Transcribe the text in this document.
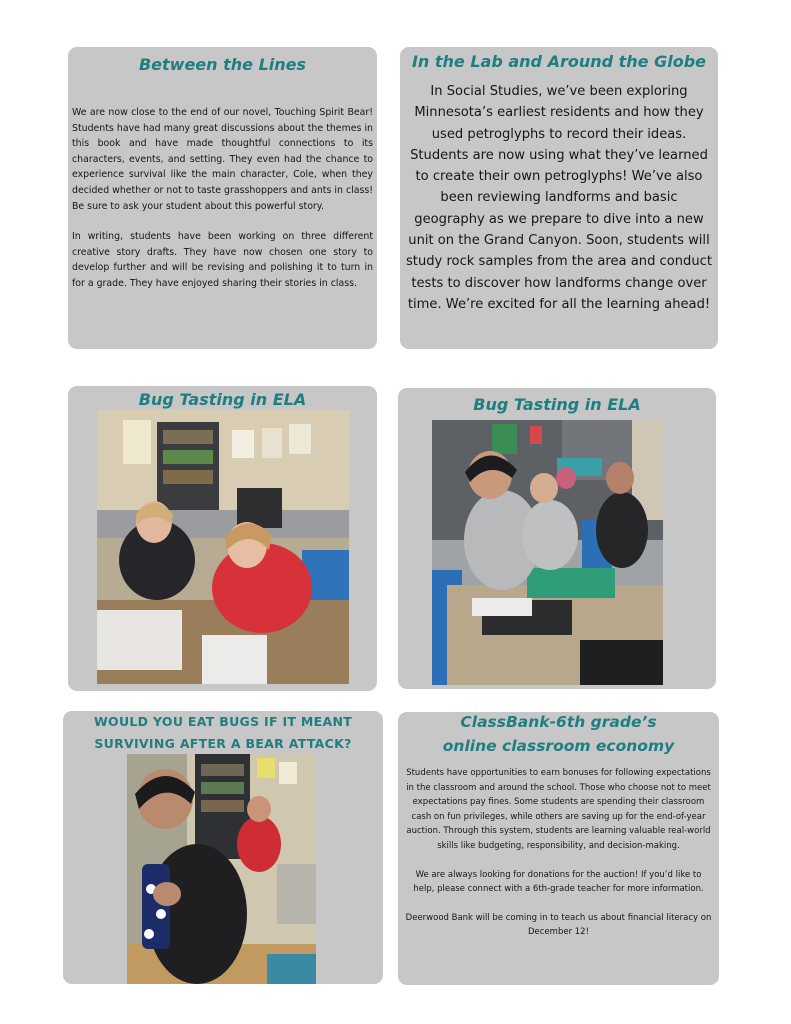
Between the Lines

We are now close to the end of our novel, Touching Spirit Bear! Students have had many great discussions about the themes in this book and have made thoughtful connections to its characters, events, and setting. They even had the chance to experience survival like the main character, Cole, when they decided whether or not to taste grasshoppers and ants in class! Be sure to ask your student about this powerful story.

In writing, students have been working on three different creative story drafts. They have now chosen one story to develop further and will be revising and polishing it to turn in for a grade. They have enjoyed sharing their stories in class.

In the Lab and Around the Globe

In Social Studies, we’ve been exploring Minnesota’s earliest residents and how they used petroglyphs to record their ideas. Students are now using what they’ve learned to create their own petroglyphs! We’ve also been reviewing landforms and basic geography as we prepare to dive into a new unit on the Grand Canyon. Soon, students will study rock samples from the area and conduct tests to discover how landforms change over time. We’re excited for all the learning ahead!

Bug Tasting in ELA	Bug Tasting in ELA
WOULD YOU EAT BUGS IF IT MEANT SURVIVING AFTER A BEAR ATTACK?
ClassBank-6th grade’s online classroom economy

Students have opportunities to earn bonuses for following expectations in the classroom and around the school. Those who choose not to meet expectations pay fines. Some students are spending their classroom cash on fun privileges, while others are saving up for the end-of-year auction. Through this system, students are learning valuable real-world skills like budgeting, responsibility, and decision-making.

We are always looking for donations for the auction! If you’d like to help, please connect with a 6th-grade teacher for more information.

Deerwood Bank will be coming in to teach us about financial literacy on December 12!
